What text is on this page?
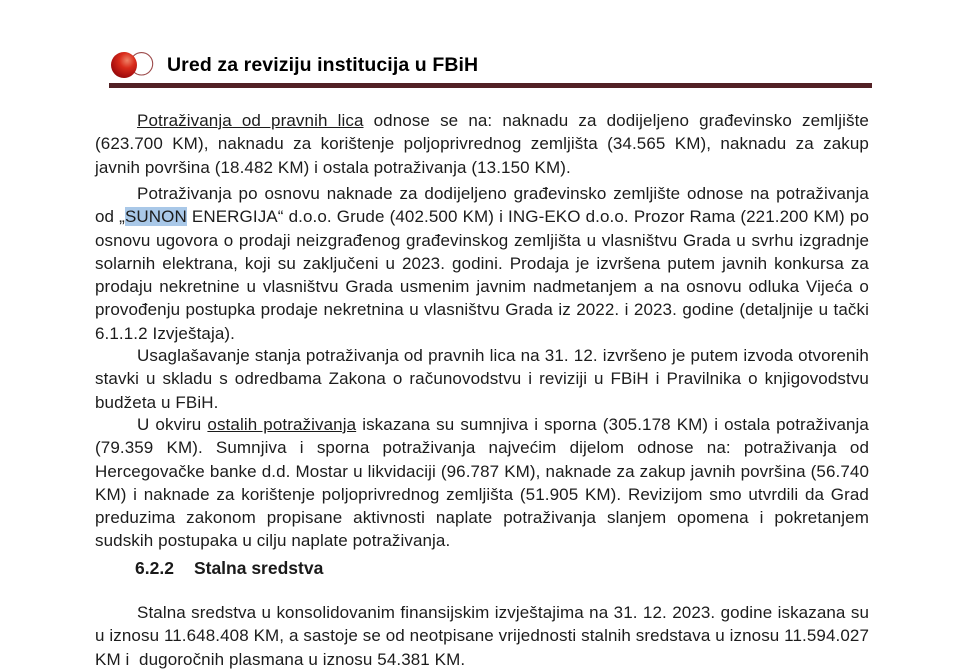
Ured za reviziju institucija u FBiH

Potraživanja od pravnih lica odnose se na: naknadu za dodijeljeno građevinsko zemljište (623.700 KM), naknadu za korištenje poljoprivrednog zemljišta (34.565 KM), naknadu za zakup javnih površina (18.482 KM) i ostala potraživanja (13.150 KM).

Potraživanja po osnovu naknade za dodijeljeno građevinsko zemljište odnose na potraživanja od „SUNON ENERGIJA“ d.o.o. Grude (402.500 KM) i ING-EKO d.o.o. Prozor Rama (221.200 KM) po osnovu ugovora o prodaji neizgrađenog građevinskog zemljišta u vlasništvu Grada u svrhu izgradnje solarnih elektrana, koji su zaključeni u 2023. godini. Prodaja je izvršena putem javnih konkursa za prodaju nekretnine u vlasništvu Grada usmenim javnim nadmetanjem a na osnovu odluka Vijeća o provođenju postupka prodaje nekretnina u vlasništvu Grada iz 2022. i 2023. godine (detaljnije u tački 6.1.1.2 Izvještaja).

Usaglašavanje stanja potraživanja od pravnih lica na 31. 12. izvršeno je putem izvoda otvorenih stavki u skladu s odredbama Zakona o računovodstvu i reviziji u FBiH i Pravilnika o knjigovodstvu budžeta u FBiH.

U okviru ostalih potraživanja iskazana su sumnjiva i sporna (305.178 KM) i ostala potraživanja (79.359 KM). Sumnjiva i sporna potraživanja najvećim dijelom odnose na: potraživanja od Hercegovačke banke d.d. Mostar u likvidaciji (96.787 KM), naknade za zakup javnih površina (56.740 KM) i naknade za korištenje poljoprivrednog zemljišta (51.905 KM). Revizijom smo utvrdili da Grad preduzima zakonom propisane aktivnosti naplate potraživanja slanjem opomena i pokretanjem sudskih postupaka u cilju naplate potraživanja.

6.2.2 Stalna sredstva

Stalna sredstva u konsolidovanim finansijskim izvještajima na 31. 12. 2023. godine iskazana su u iznosu 11.648.408 KM, a sastoje se od neotpisane vrijednosti stalnih sredstava u iznosu 11.594.027 KM i  dugoročnih plasmana u iznosu 54.381 KM.
